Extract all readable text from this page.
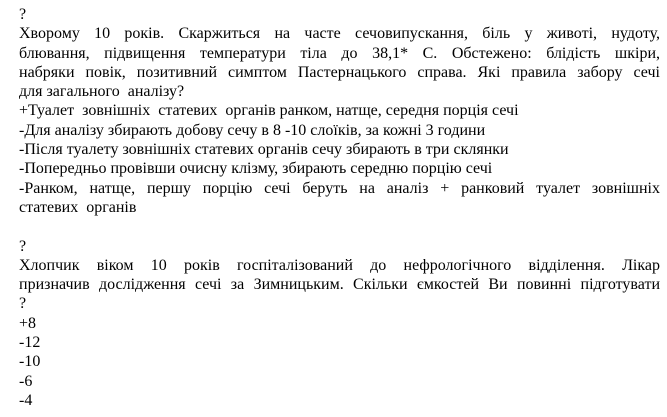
?
Хворому 10 років. Скаржиться на часте сечовипускання, біль у животі, нудоту,
блювання, підвищення температури тіла до 38,1* С. Обстежено: блідість шкіри,
набряки повік, позитивний симптом Пастернацького справа. Які правила забору сечі
для загального  аналізу?
+Туалет  зовнішніх  статевих  органів ранком, натще, середня порція сечі
-Для аналізу збирають добову сечу в 8 -10 слоїків, за кожні 3 години
-Після туалету зовнішніх статевих органів сечу збирають в три склянки
-Попередньо провівши очисну клізму, збирають середню порцію сечі
-Ранком, натще, першу порцію сечі беруть на аналіз + ранковий туалет зовнішніх
статевих  органів
?
Хлопчик віком 10 років госпіталізований до нефрологічного відділення. Лікар
призначив дослідження сечі за Зимницьким. Скільки ємкостей Ви повинні підготувати
?
+8
-12
-10
-6
-4
